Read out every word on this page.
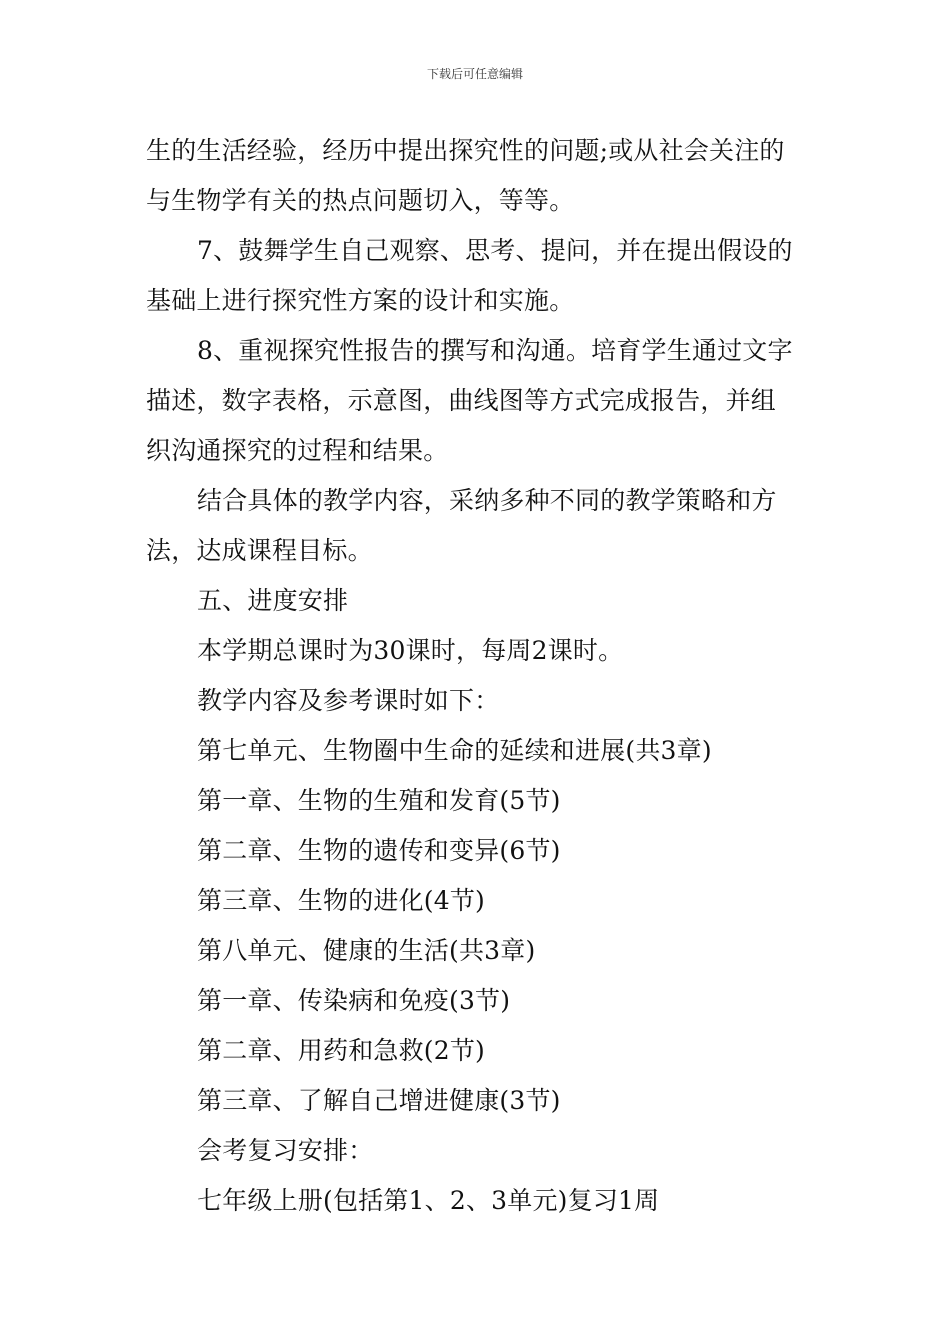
下载后可任意编辑
生的生活经验，经历中提出探究性的问题;或从社会关注的
与生物学有关的热点问题切入，等等。
7、鼓舞学生自己观察、思考、提问，并在提出假设的
基础上进行探究性方案的设计和实施。
8、重视探究性报告的撰写和沟通。培育学生通过文字
描述，数字表格，示意图，曲线图等方式完成报告，并组
织沟通探究的过程和结果。
结合具体的教学内容，采纳多种不同的教学策略和方
法，达成课程目标。
五、进度安排
本学期总课时为30课时，每周2课时。
教学内容及参考课时如下：
第七单元、生物圈中生命的延续和进展(共3章)
第一章、生物的生殖和发育(5节)
第二章、生物的遗传和变异(6节)
第三章、生物的进化(4节)
第八单元、健康的生活(共3章)
第一章、传染病和免疫(3节)
第二章、用药和急救(2节)
第三章、了解自己增进健康(3节)
会考复习安排：
七年级上册(包括第1、2、3单元)复习1周
